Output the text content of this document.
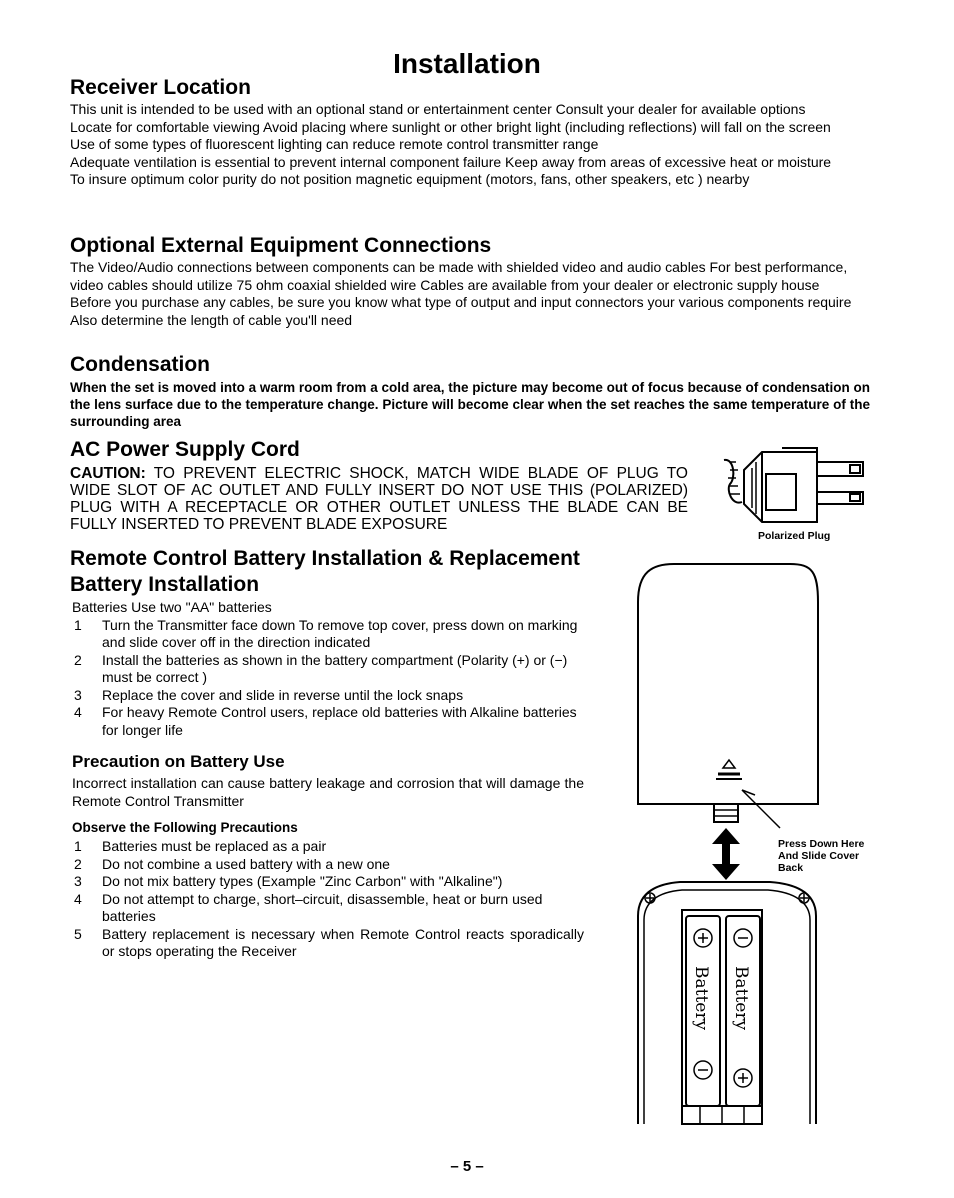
Installation
Receiver Location

This unit is intended to be used with an optional stand or entertainment center Consult your dealer for available options

Locate for comfortable viewing Avoid placing where sunlight or other bright light (including reflections) will fall on the screen

Use of some types of fluorescent lighting can reduce remote control transmitter range

Adequate ventilation is essential to prevent internal component failure Keep away from areas of excessive heat or moisture

To insure optimum color purity do not position magnetic equipment (motors, fans, other speakers, etc ) nearby

Optional External Equipment Connections

The Video/Audio connections between components can be made with shielded video and audio cables For best performance, video cables should utilize 75 ohm coaxial shielded wire Cables are available from your dealer or electronic supply house

Before you purchase any cables, be sure you know what type of output and input connectors your various components require Also determine the length of cable you'll need

Condensation

When the set is moved into a warm room from a cold area, the picture may become out of focus because of condensation on the lens surface due to the temperature change. Picture will become clear when the set reaches the same temperature of the surrounding area

AC Power Supply Cord

CAUTION: TO PREVENT ELECTRIC SHOCK, MATCH WIDE BLADE OF PLUG TO WIDE SLOT OF AC OUTLET AND FULLY INSERT DO NOT USE THIS (POLARIZED) PLUG WITH A RECEPTACLE OR OTHER OUTLET UNLESS THE BLADE CAN BE FULLY INSERTED TO PREVENT BLADE EXPOSURE

Polarized Plug
Remote Control Battery Installation & Replacement
Battery Installation

Batteries Use two "AA" batteries

1 Turn the Transmitter face down To remove top cover, press down on marking and slide cover off in the direction indicated
2 Install the batteries as shown in the battery compartment (Polarity (+) or (−) must be correct )
3 Replace the cover and slide in reverse until the lock snaps
4 For heavy Remote Control users, replace old batteries with Alkaline batteries for longer life
Precaution on Battery Use

Incorrect installation can cause battery leakage and corrosion that will damage the Remote Control Transmitter

Observe the Following Precautions
1 Batteries must be replaced as a pair
2 Do not combine a used battery with a new one
3 Do not mix battery types (Example "Zinc Carbon" with "Alkaline")
4 Do not attempt to charge, short–circuit, disassemble, heat or burn used batteries
5 Battery replacement is necessary when Remote Control reacts sporadically or stops operating the Receiver
Battery Battery
Press Down Here
And Slide Cover
Back
– 5 –
